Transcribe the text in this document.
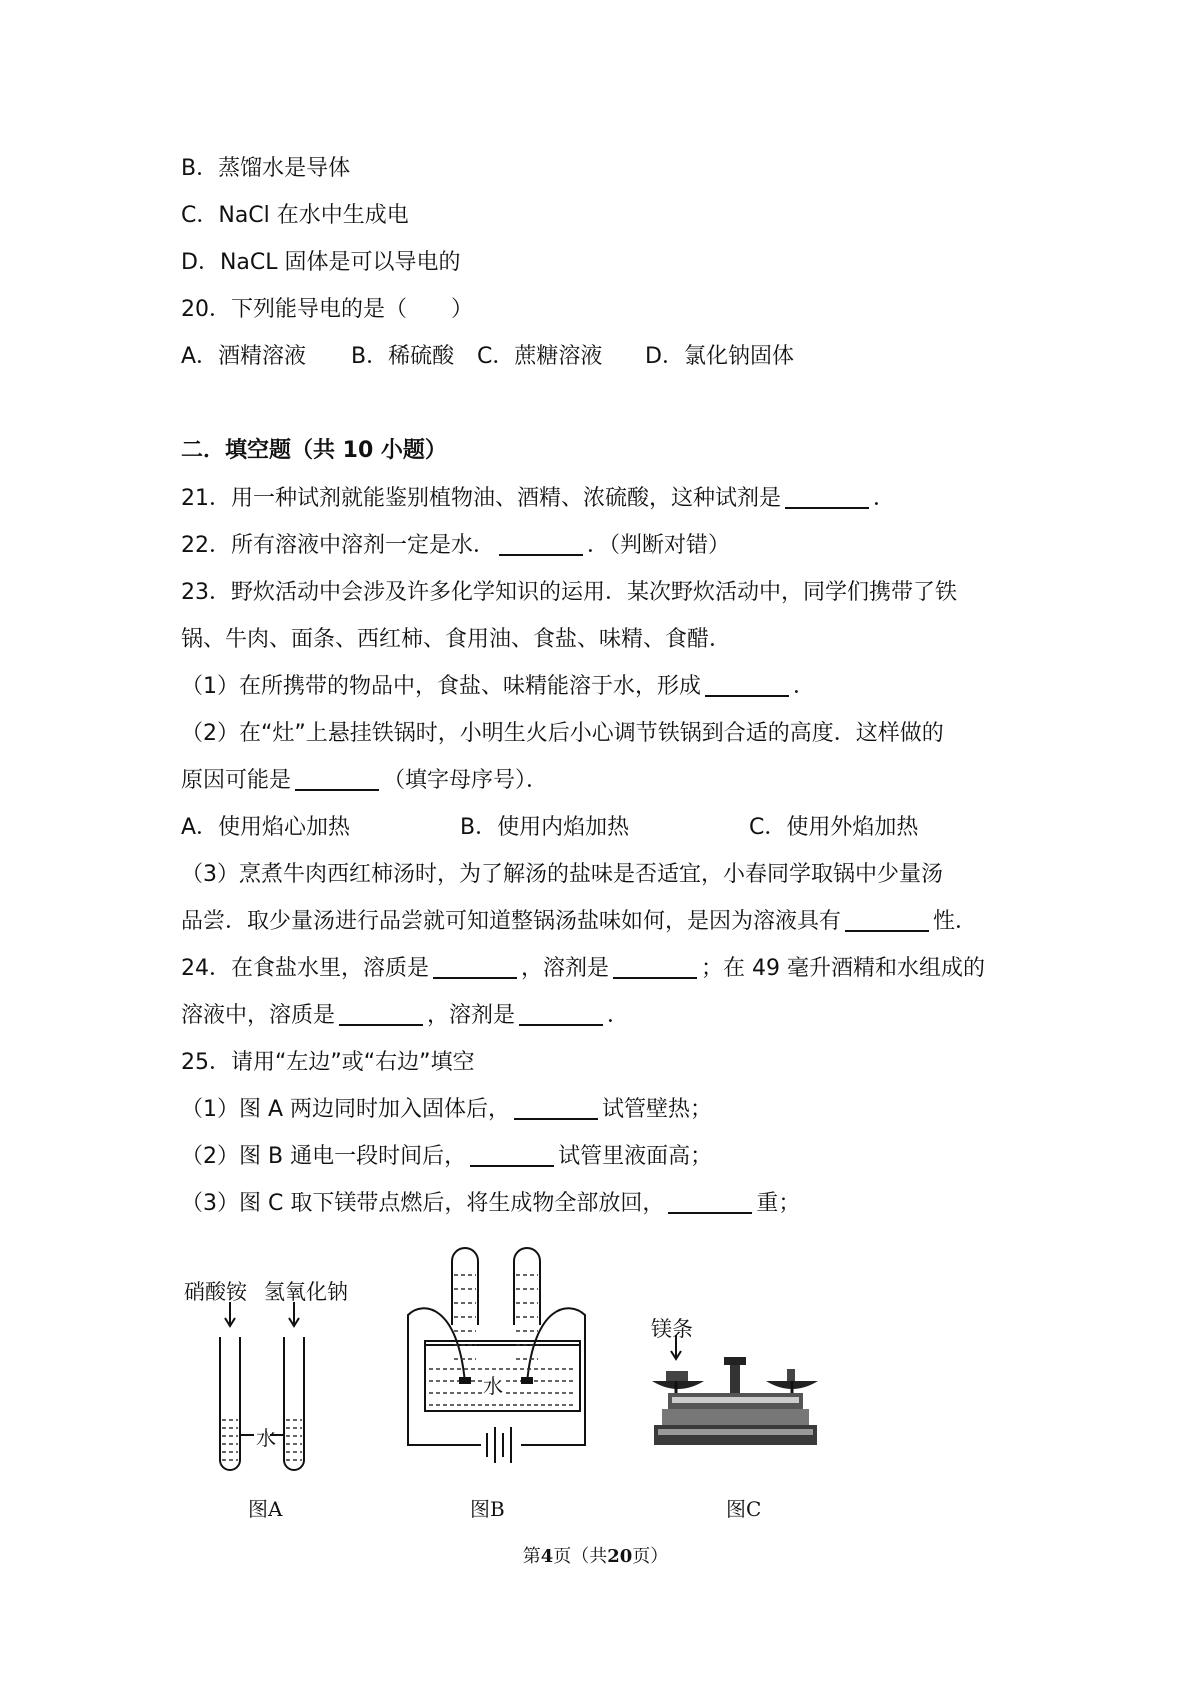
B．蒸馏水是导体
C．NaCl 在水中生成电
D．NaCL 固体是可以导电的
20．下列能导电的是（　　）
A．酒精溶液 B．稀硫酸 C．蔗糖溶液 D．氯化钠固体
二．填空题（共 10 小题）
21．用一种试剂就能鉴别植物油、酒精、浓硫酸，这种试剂是	．
22．所有溶液中溶剂一定是水．	．（判断对错）
23．野炊活动中会涉及许多化学知识的运用．某次野炊活动中，同学们携带了铁
锅、牛肉、面条、西红柿、食用油、食盐、味精、食醋．
（1）在所携带的物品中，食盐、味精能溶于水，形成	．
（2）在“灶”上悬挂铁锅时，小明生火后小心调节铁锅到合适的高度．这样做的
原因可能是	（填字母序号）．
A．使用焰心加热	B．使用内焰加热	C．使用外焰加热
（3）烹煮牛肉西红柿汤时，为了解汤的盐味是否适宜，小春同学取锅中少量汤
品尝．取少量汤进行品尝就可知道整锅汤盐味如何，是因为溶液具有	性．
24．在食盐水里，溶质是	，溶剂是	；在 49 毫升酒精和水组成的
溶液中，溶质是	，溶剂是	．
25．请用“左边”或“右边”填空
（1）图 A 两边同时加入固体后，	试管壁热；
（2）图 B 通电一段时间后，	试管里液面高；
（3）图 C 取下镁带点燃后，将生成物全部放回，	重；
硝酸铵 氢氧化钠
水
水
镁条
图A	图B	图C
第4页（共20页）
